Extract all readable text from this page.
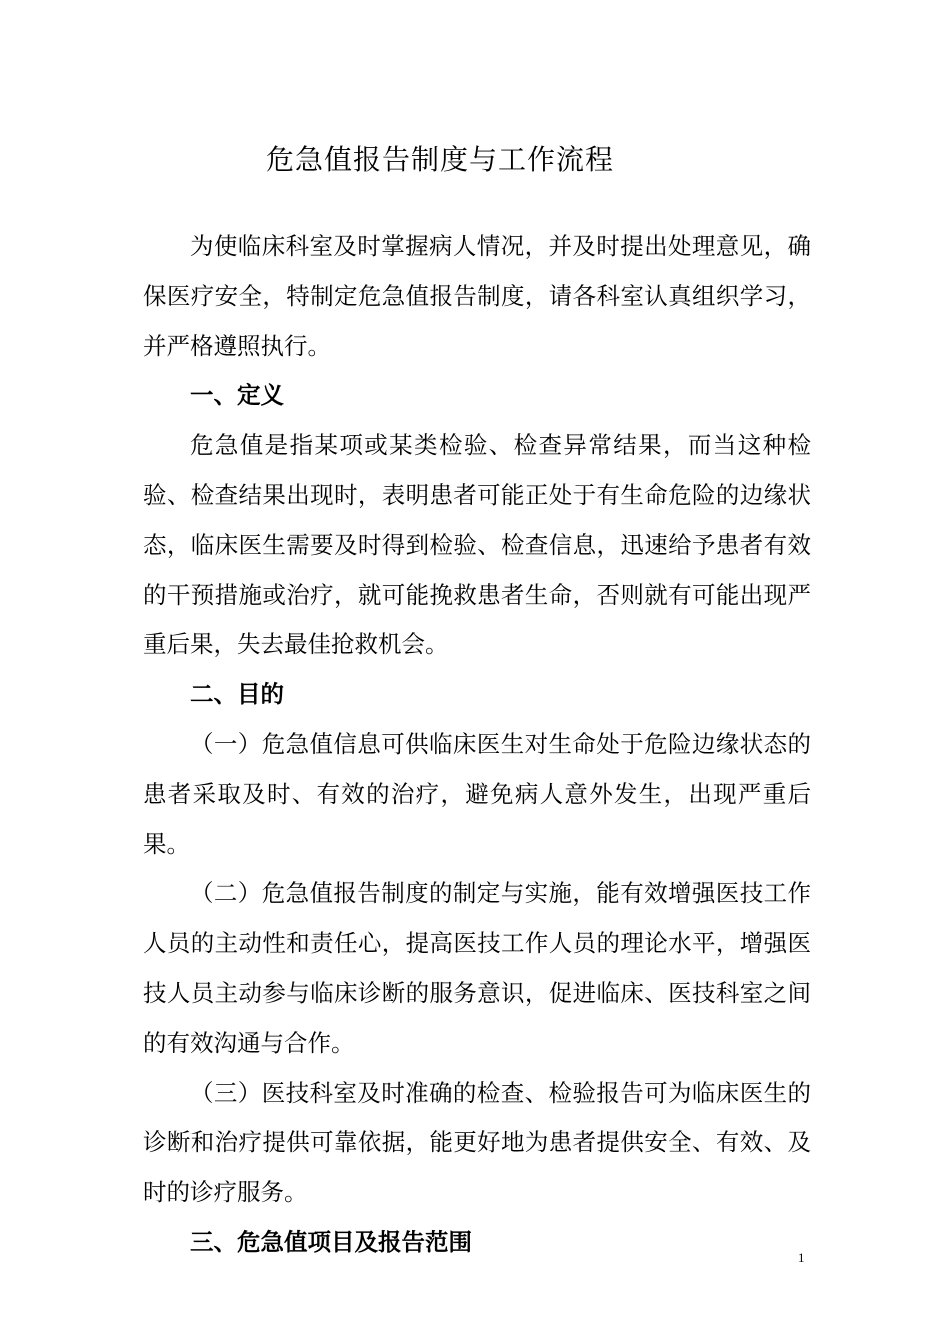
危急值报告制度与工作流程

为使临床科室及时掌握病人情况，并及时提出处理意见，确保医疗安全，特制定危急值报告制度，请各科室认真组织学习，并严格遵照执行。

一、定义

危急值是指某项或某类检验、检查异常结果，而当这种检验、检查结果出现时，表明患者可能正处于有生命危险的边缘状态，临床医生需要及时得到检验、检查信息，迅速给予患者有效的干预措施或治疗，就可能挽救患者生命，否则就有可能出现严重后果，失去最佳抢救机会。

二、目的

（一）危急值信息可供临床医生对生命处于危险边缘状态的患者采取及时、有效的治疗，避免病人意外发生，出现严重后果。

（二）危急值报告制度的制定与实施，能有效增强医技工作人员的主动性和责任心，提高医技工作人员的理论水平，增强医技人员主动参与临床诊断的服务意识，促进临床、医技科室之间的有效沟通与合作。

（三）医技科室及时准确的检查、检验报告可为临床医生的诊断和治疗提供可靠依据，能更好地为患者提供安全、有效、及时的诊疗服务。

三、危急值项目及报告范围

1
